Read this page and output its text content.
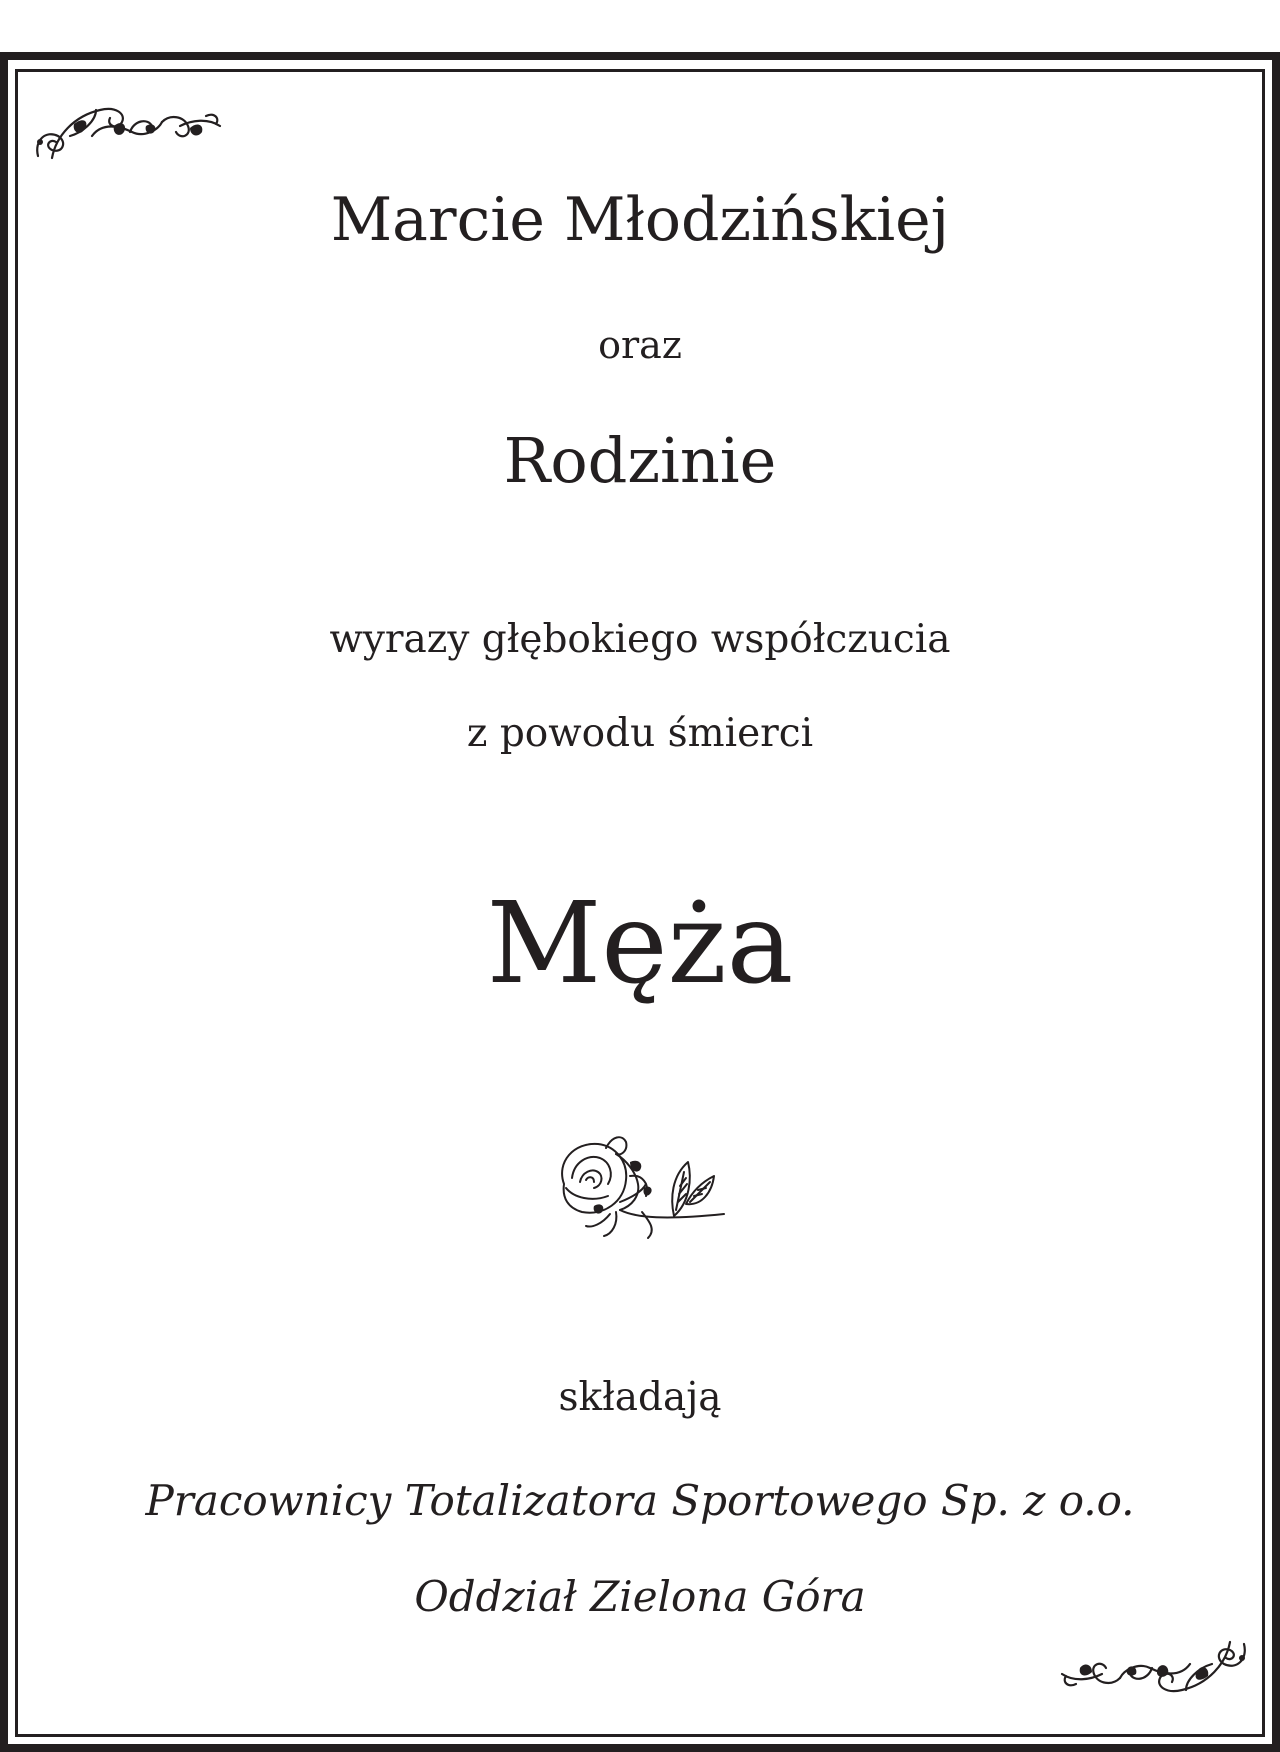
Marcie Młodzińskiej

oraz

Rodzinie

wyrazy głębokiego współczucia

z powodu śmierci

Męża

składają

Pracownicy Totalizatora Sportowego Sp. z o.o.

Oddział Zielona Góra
